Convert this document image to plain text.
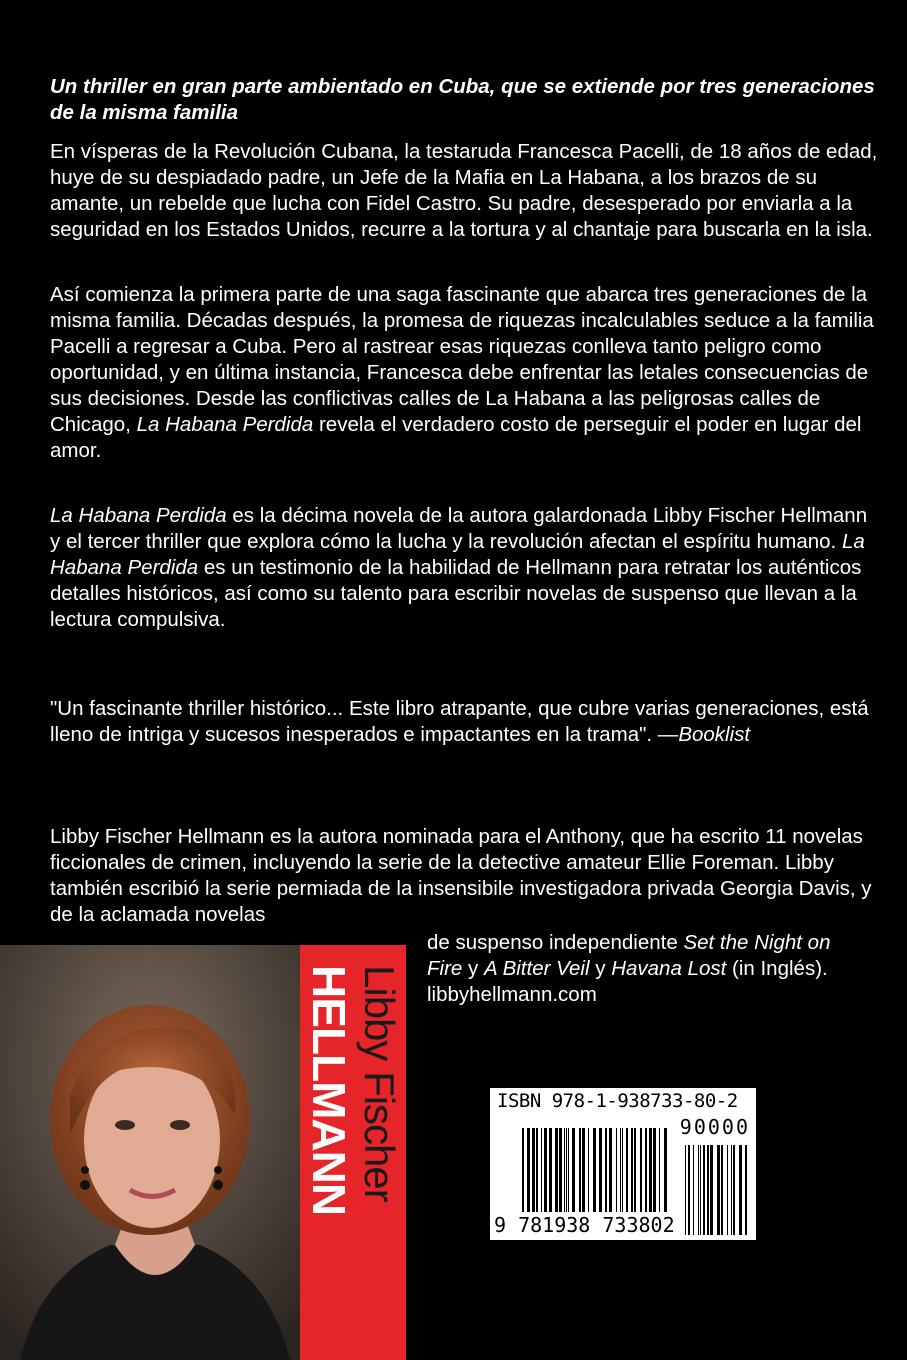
Un thriller en gran parte ambientado en Cuba, que se extiende por tres generaciones de la misma familia

En vísperas de la Revolución Cubana, la testaruda Francesca Pacelli, de 18 años de edad, huye de su despiadado padre, un Jefe de la Mafia en La Habana, a los brazos de su amante, un rebelde que lucha con Fidel Castro. Su padre, desesperado por enviarla a la seguridad en los Estados Unidos, recurre a la tortura y al chantaje para buscarla en la isla.

Así comienza la primera parte de una saga fascinante que abarca tres generaciones de la misma familia. Décadas después, la promesa de riquezas incalculables seduce a la familia Pacelli a regresar a Cuba. Pero al rastrear esas riquezas conlleva tanto peligro como oportunidad, y en última instancia, Francesca debe enfrentar las letales consecuencias de sus decisiones. Desde las conflictivas calles de La Habana a las peligrosas calles de Chicago, La Habana Perdida revela el verdadero costo de perseguir el poder en lugar del amor.

La Habana Perdida es la décima novela de la autora galardonada Libby Fischer Hellmann y el tercer thriller que explora cómo la lucha y la revolución afectan el espíritu humano. La Habana Perdida es un testimonio de la habilidad de Hellmann para retratar los auténticos detalles históricos, así como su talento para escribir novelas de suspenso que llevan a la lectura compulsiva.

"Un fascinante thriller histórico... Este libro atrapante, que cubre varias generaciones, está lleno de intriga y sucesos inesperados e impactantes en la trama". —Booklist

Libby Fischer Hellmann es la autora nominada para el Anthony, que ha escrito 11 novelas ficcionales de crimen, incluyendo la serie de la detective amateur Ellie Foreman. Libby también escribió la serie permiada de la insensibile investigadora privada Georgia Davis, y de la aclamada novelas

de suspenso independiente Set the Night on Fire y A Bitter Veil y Havana Lost (in Inglés). libbyhellmann.com
HELLMANN Libby Fischer	ISBN 978-1-938733-80-2
90000
9 781938 733802
